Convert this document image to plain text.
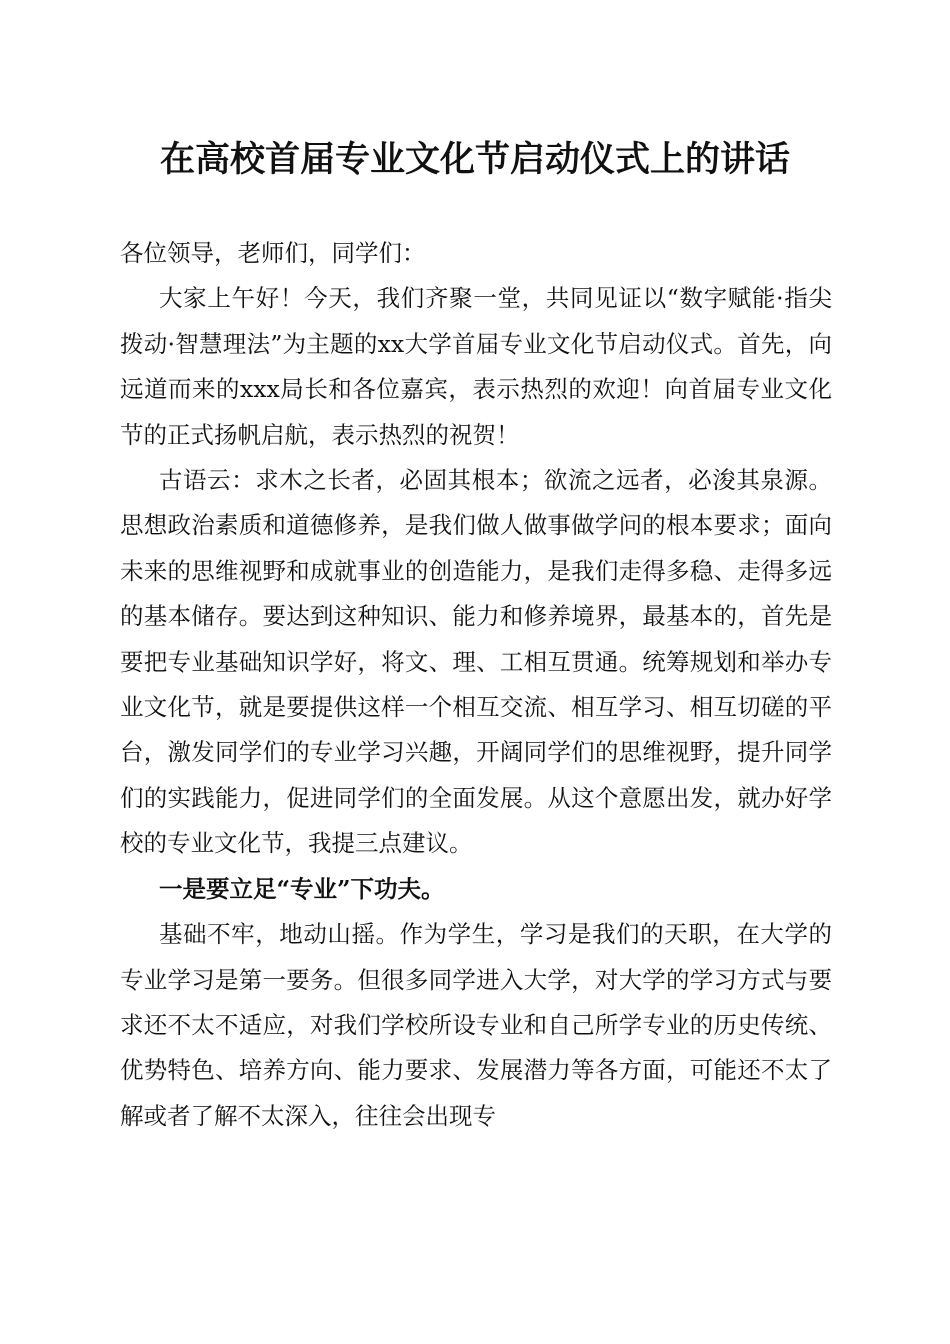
在高校首届专业文化节启动仪式上的讲话

各位领导，老师们，同学们：

大家上午好！今天，我们齐聚一堂，共同见证以“数字赋能·指尖拨动·智慧理法”为主题的xx大学首届专业文化节启动仪式。首先，向远道而来的xxx局长和各位嘉宾，表示热烈的欢迎！向首届专业文化节的正式扬帆启航，表示热烈的祝贺！

古语云：求木之长者，必固其根本；欲流之远者，必浚其泉源。思想政治素质和道德修养，是我们做人做事做学问的根本要求；面向未来的思维视野和成就事业的创造能力，是我们走得多稳、走得多远的基本储存。要达到这种知识、能力和修养境界，最基本的，首先是要把专业基础知识学好，将文、理、工相互贯通。统筹规划和举办专业文化节，就是要提供这样一个相互交流、相互学习、相互切磋的平台，激发同学们的专业学习兴趣，开阔同学们的思维视野，提升同学们的实践能力，促进同学们的全面发展。从这个意愿出发，就办好学校的专业文化节，我提三点建议。

一是要立足“专业”下功夫。

基础不牢，地动山摇。作为学生，学习是我们的天职，在大学的专业学习是第一要务。但很多同学进入大学，对大学的学习方式与要求还不太不适应，对我们学校所设专业和自己所学专业的历史传统、优势特色、培养方向、能力要求、发展潜力等各方面，可能还不太了解或者了解不太深入，往往会出现专
